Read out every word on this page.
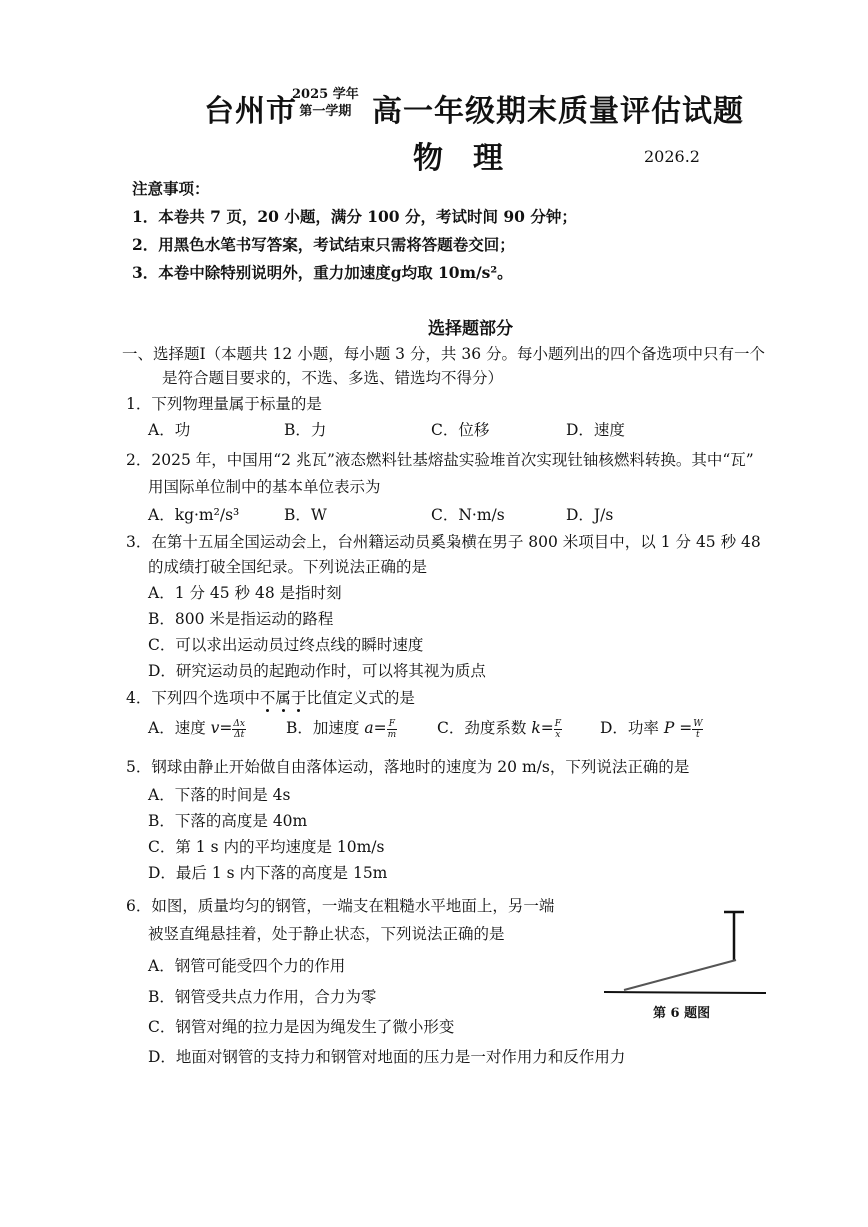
台州市
2025 学年
第一学期 高一年级期末质量评估试题
物理	2026.2
注意事项：
1．本卷共 7 页，20 小题，满分 100 分，考试时间 90 分钟；
2．用黑色水笔书写答案，考试结束只需将答题卷交回；
3．本卷中除特别说明外，重力加速度g均取 10m/s²。
选择题部分
一、选择题Ⅰ（本题共 12 小题，每小题 3 分，共 36 分。每小题列出的四个备选项中只有一个
是符合题目要求的，不选、多选、错选均不得分）
1．下列物理量属于标量的是
A．功	B．力	C．位移	D．速度
2．2025 年，中国用“2 兆瓦”液态燃料钍基熔盐实验堆首次实现钍铀核燃料转换。其中“瓦”
用国际单位制中的基本单位表示为
A．kg·m²/s³	B．W	C．N·m/s	D．J/s
3．在第十五届全国运动会上，台州籍运动员奚枭横在男子 800 米项目中，以 1 分 45 秒 48
的成绩打破全国纪录。下列说法正确的是
A．1 分 45 秒 48 是指时刻
B．800 米是指运动的路程
C．可以求出运动员过终点线的瞬时速度
D．研究运动员的起跑动作时，可以将其视为质点
4．下列四个选项中不属于比值定义式的是
A．速度 $v= \frac{\Delta x}{\Delta t}$	B．加速度 $a= \frac{F}{m}$	C．劲度系数 $k= \frac{F}{x}$ D．功率 $P = \frac{W}{t}$
5．钢球由静止开始做自由落体运动，落地时的速度为 20 m/s，下列说法正确的是
A．下落的时间是 4s
B．下落的高度是 40m
C．第 1 s 内的平均速度是 10m/s
D．最后 1 s 内下落的高度是 15m
6．如图，质量均匀的钢管，一端支在粗糙水平地面上，另一端
被竖直绳悬挂着，处于静止状态，下列说法正确的是
A．钢管可能受四个力的作用
B．钢管受共点力作用，合力为零
C．钢管对绳的拉力是因为绳发生了微小形变
D．地面对钢管的支持力和钢管对地面的压力是一对作用力和反作用力
第 6 题图
